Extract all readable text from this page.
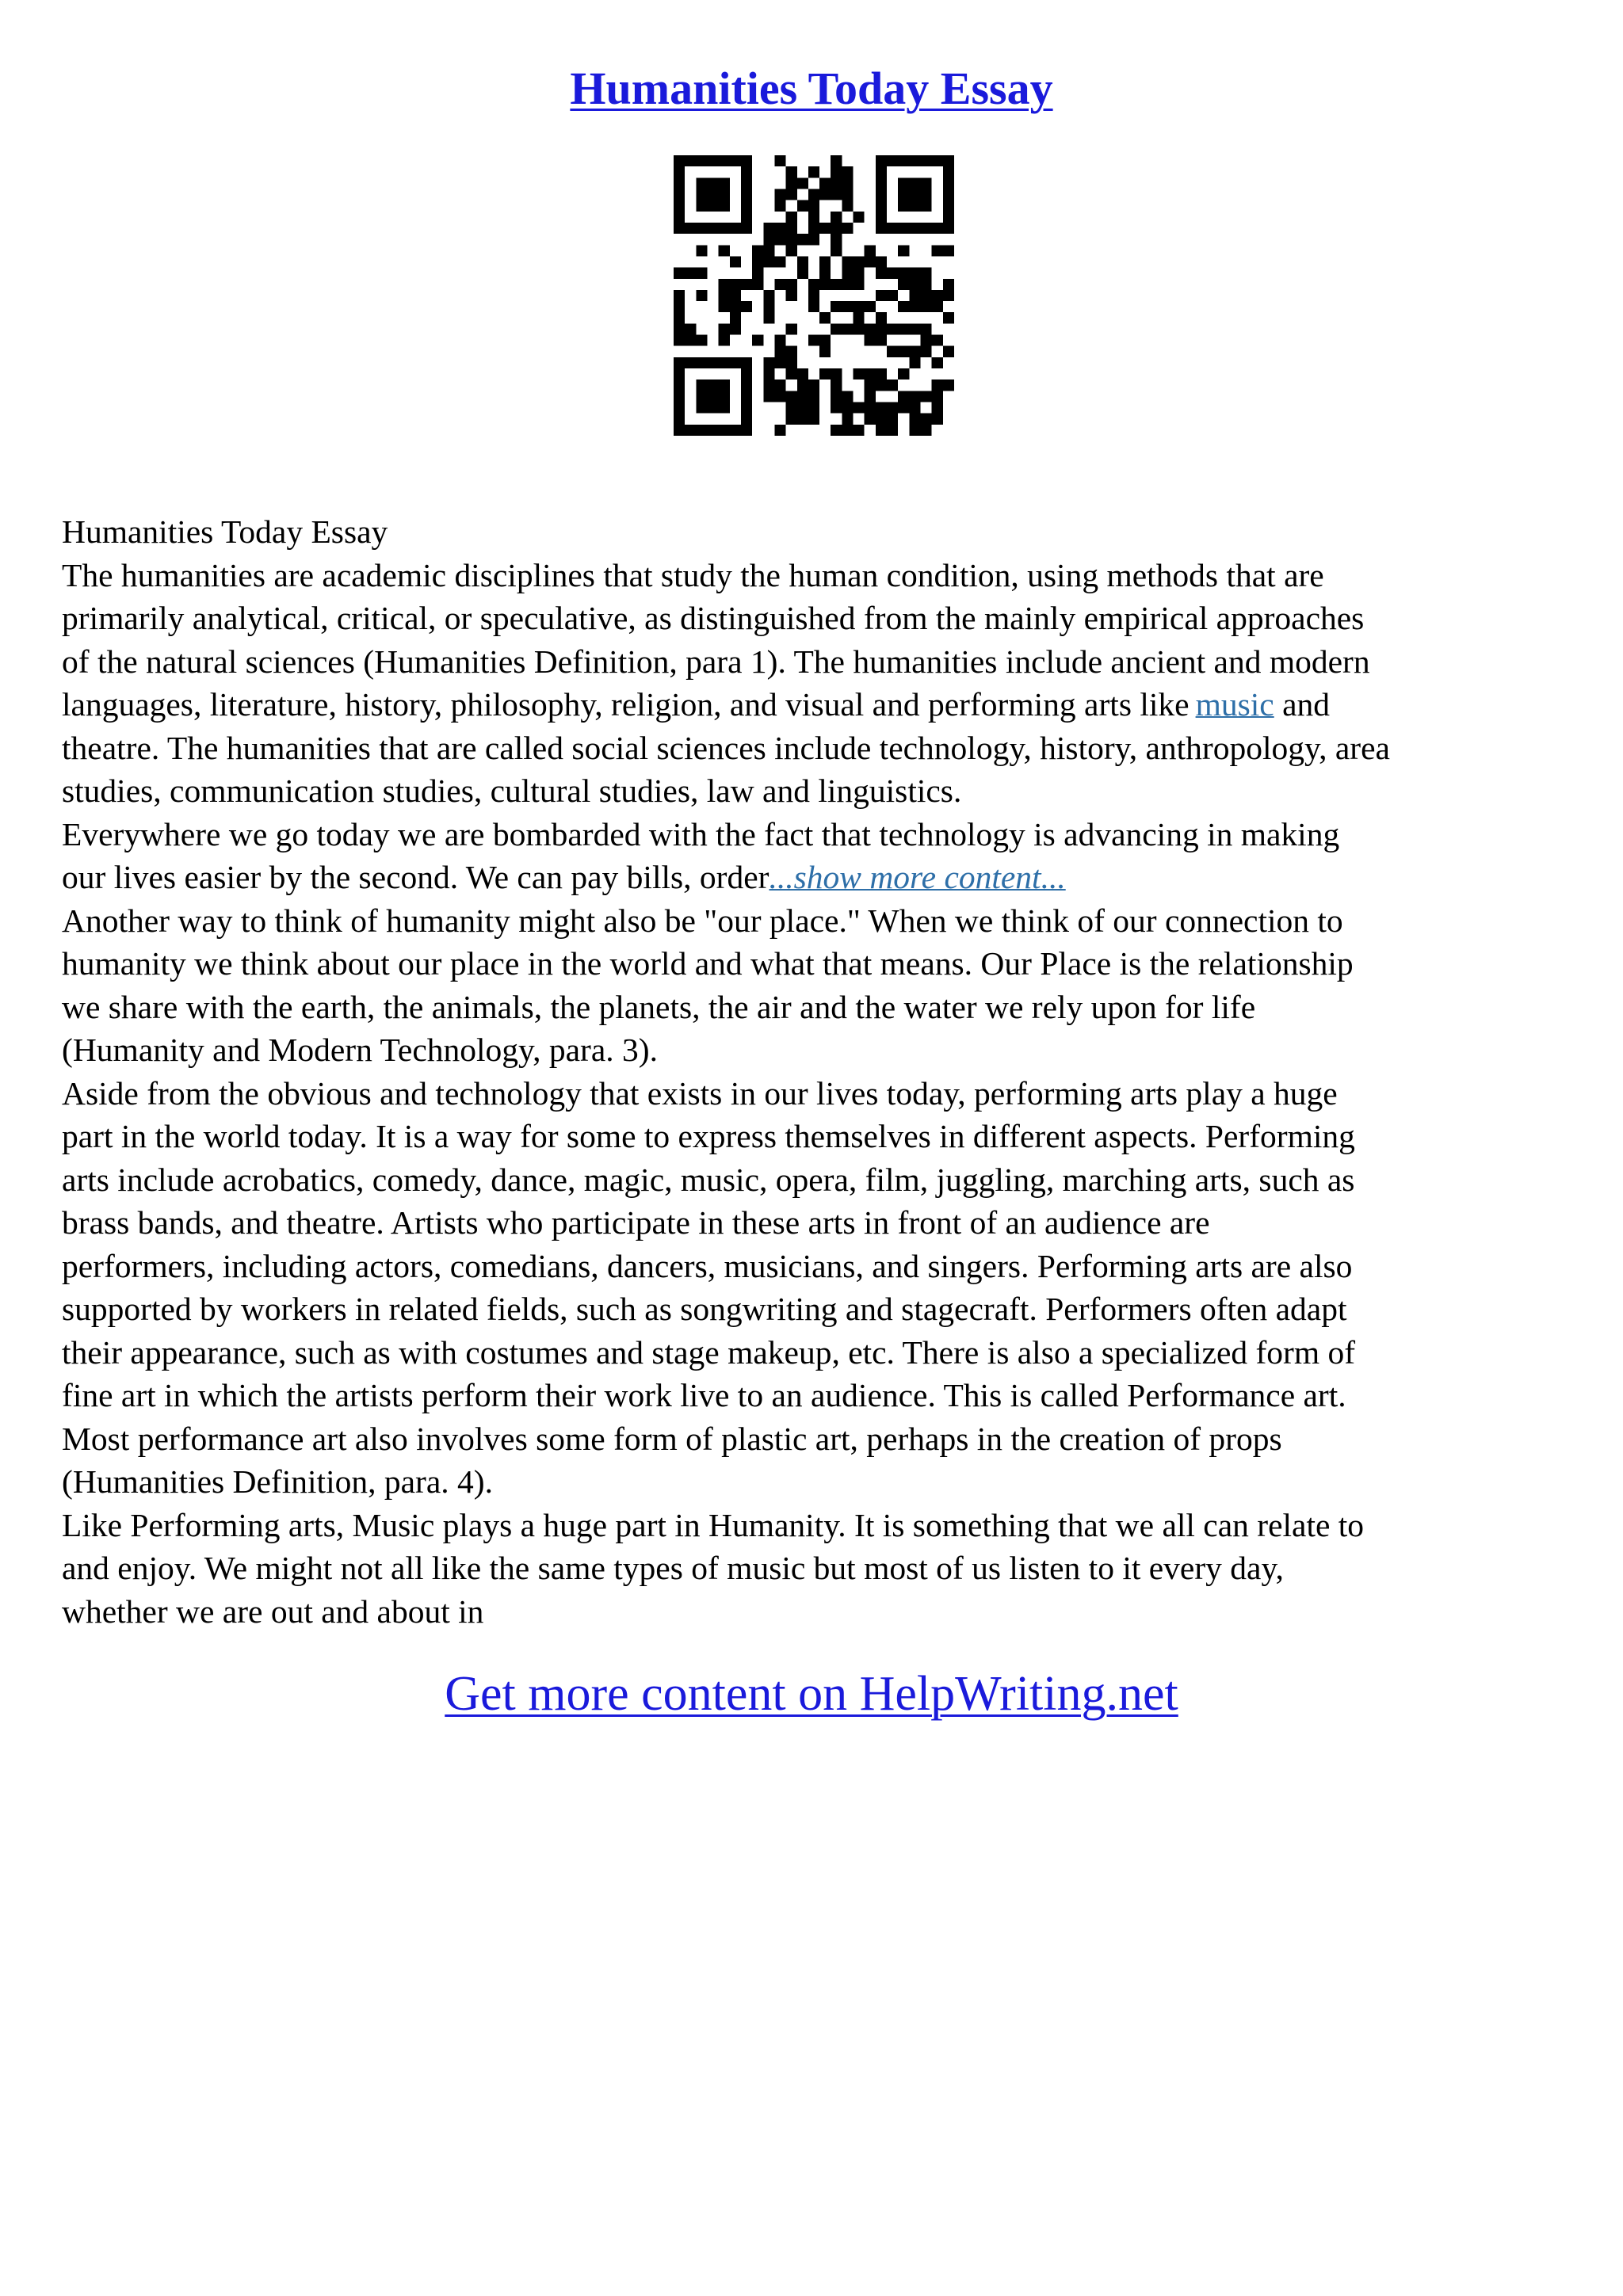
Humanities Today Essay

Humanities Today Essay

The humanities are academic disciplines that study the human condition, using methods that are

primarily analytical, critical, or speculative, as distinguished from the mainly empirical approaches

of the natural sciences (Humanities Definition, para 1). The humanities include ancient and modern

languages, literature, history, philosophy, religion, and visual and performing arts like music and

theatre. The humanities that are called social sciences include technology, history, anthropology, area

studies, communication studies, cultural studies, law and linguistics.

Everywhere we go today we are bombarded with the fact that technology is advancing in making

our lives easier by the second. We can pay bills, order...show more content...

Another way to think of humanity might also be "our place." When we think of our connection to

humanity we think about our place in the world and what that means. Our Place is the relationship

we share with the earth, the animals, the planets, the air and the water we rely upon for life

(Humanity and Modern Technology, para. 3).

Aside from the obvious and technology that exists in our lives today, performing arts play a huge

part in the world today. It is a way for some to express themselves in different aspects. Performing

arts include acrobatics, comedy, dance, magic, music, opera, film, juggling, marching arts, such as

brass bands, and theatre. Artists who participate in these arts in front of an audience are

performers, including actors, comedians, dancers, musicians, and singers. Performing arts are also

supported by workers in related fields, such as songwriting and stagecraft. Performers often adapt

their appearance, such as with costumes and stage makeup, etc. There is also a specialized form of

fine art in which the artists perform their work live to an audience. This is called Performance art.

Most performance art also involves some form of plastic art, perhaps in the creation of props

(Humanities Definition, para. 4).

Like Performing arts, Music plays a huge part in Humanity. It is something that we all can relate to

and enjoy. We might not all like the same types of music but most of us listen to it every day,

whether we are out and about in

Get more content on HelpWriting.net
